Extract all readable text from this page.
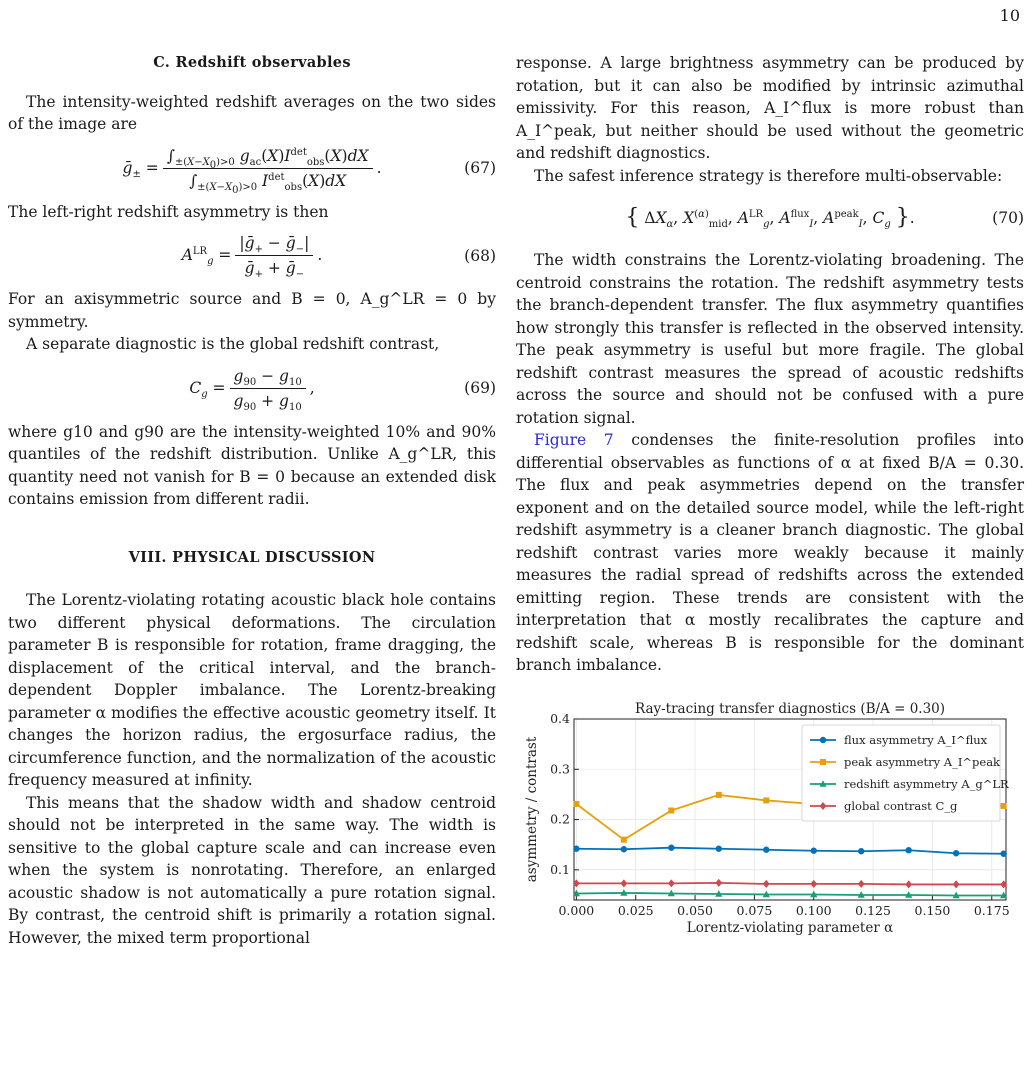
10
C. Redshift observables

The intensity-weighted redshift averages on the two sides of the image are

ḡ$_\pm$ = $\frac{\int_{\pm(X-X_0)>0} g_{ac}(X)I^{det}_{obs}(X)dX}{\int_{\pm(X-X_0)>0} I^{det}_{obs}(X)dX}$ .	(67)

The left-right redshift asymmetry is then

$A^{LR}_g = \frac{|ḡ_+ - ḡ_-|}{ḡ_+ + ḡ_-}$ .	(68)

For an axisymmetric source and B = 0, A_g^LR = 0 by symmetry.

A separate diagnostic is the global redshift contrast,

$C_g = \frac{g_{90} - g_{10}}{g_{90} + g_{10}}$ ,	(69)

where g10 and g90 are the intensity-weighted 10% and 90% quantiles of the redshift distribution. Unlike A_g^LR, this quantity need not vanish for B = 0 because an extended disk contains emission from different radii.

VIII. PHYSICAL DISCUSSION

The Lorentz-violating rotating acoustic black hole contains two different physical deformations. The circulation parameter B is responsible for rotation, frame dragging, the displacement of the critical interval, and the branch-dependent Doppler imbalance. The Lorentz-breaking parameter α modifies the effective acoustic geometry itself. It changes the horizon radius, the ergosurface radius, the circumference function, and the normalization of the acoustic frequency measured at infinity.

This means that the shadow width and shadow centroid should not be interpreted in the same way. The width is sensitive to the global capture scale and can increase even when the system is nonrotating. Therefore, an enlarged acoustic shadow is not automatically a pure rotation signal. By contrast, the centroid shift is primarily a rotation signal. However, the mixed term proportional

response. A large brightness asymmetry can be produced by rotation, but it can also be modified by intrinsic azimuthal emissivity. For this reason, A_I^flux is more robust than A_I^peak, but neither should be used without the geometric and redshift diagnostics.

The safest inference strategy is therefore multi-observable:

{ $\Delta X_\alpha$, $X^{(\alpha)}_{mid}$, $A^{LR}_g$, $A^{flux}_I$, $A^{peak}_I$, $C_g$ } .	(70)

The width constrains the Lorentz-violating broadening. The centroid constrains the rotation. The redshift asymmetry tests the branch-dependent transfer. The flux asymmetry quantifies how strongly this transfer is reflected in the observed intensity. The peak asymmetry is useful but more fragile. The global redshift contrast measures the spread of acoustic redshifts across the source and should not be confused with a pure rotation signal.

Figure 7 condenses the finite-resolution profiles into differential observables as functions of α at fixed B/A = 0.30. The flux and peak asymmetries depend on the transfer exponent and on the detailed source model, while the left-right redshift asymmetry is a cleaner branch diagnostic. The global redshift contrast varies more weakly because it mainly measures the radial spread of redshifts across the extended emitting region. These trends are consistent with the interpretation that α mostly recalibrates the capture and redshift scale, whereas B is responsible for the dominant branch imbalance.

0.000 0.025 0.050 0.075 0.100 0.125 0.150 0.175
0.1
0.2
0.3
0.4
Ray-tracing transfer diagnostics (B/A = 0.30)
Lorentz-violating parameter α
asymmetry / contrast	flux asymmetry A_I^flux
peak asymmetry A_I^peak
redshift asymmetry A_g^LR
global contrast C_g
